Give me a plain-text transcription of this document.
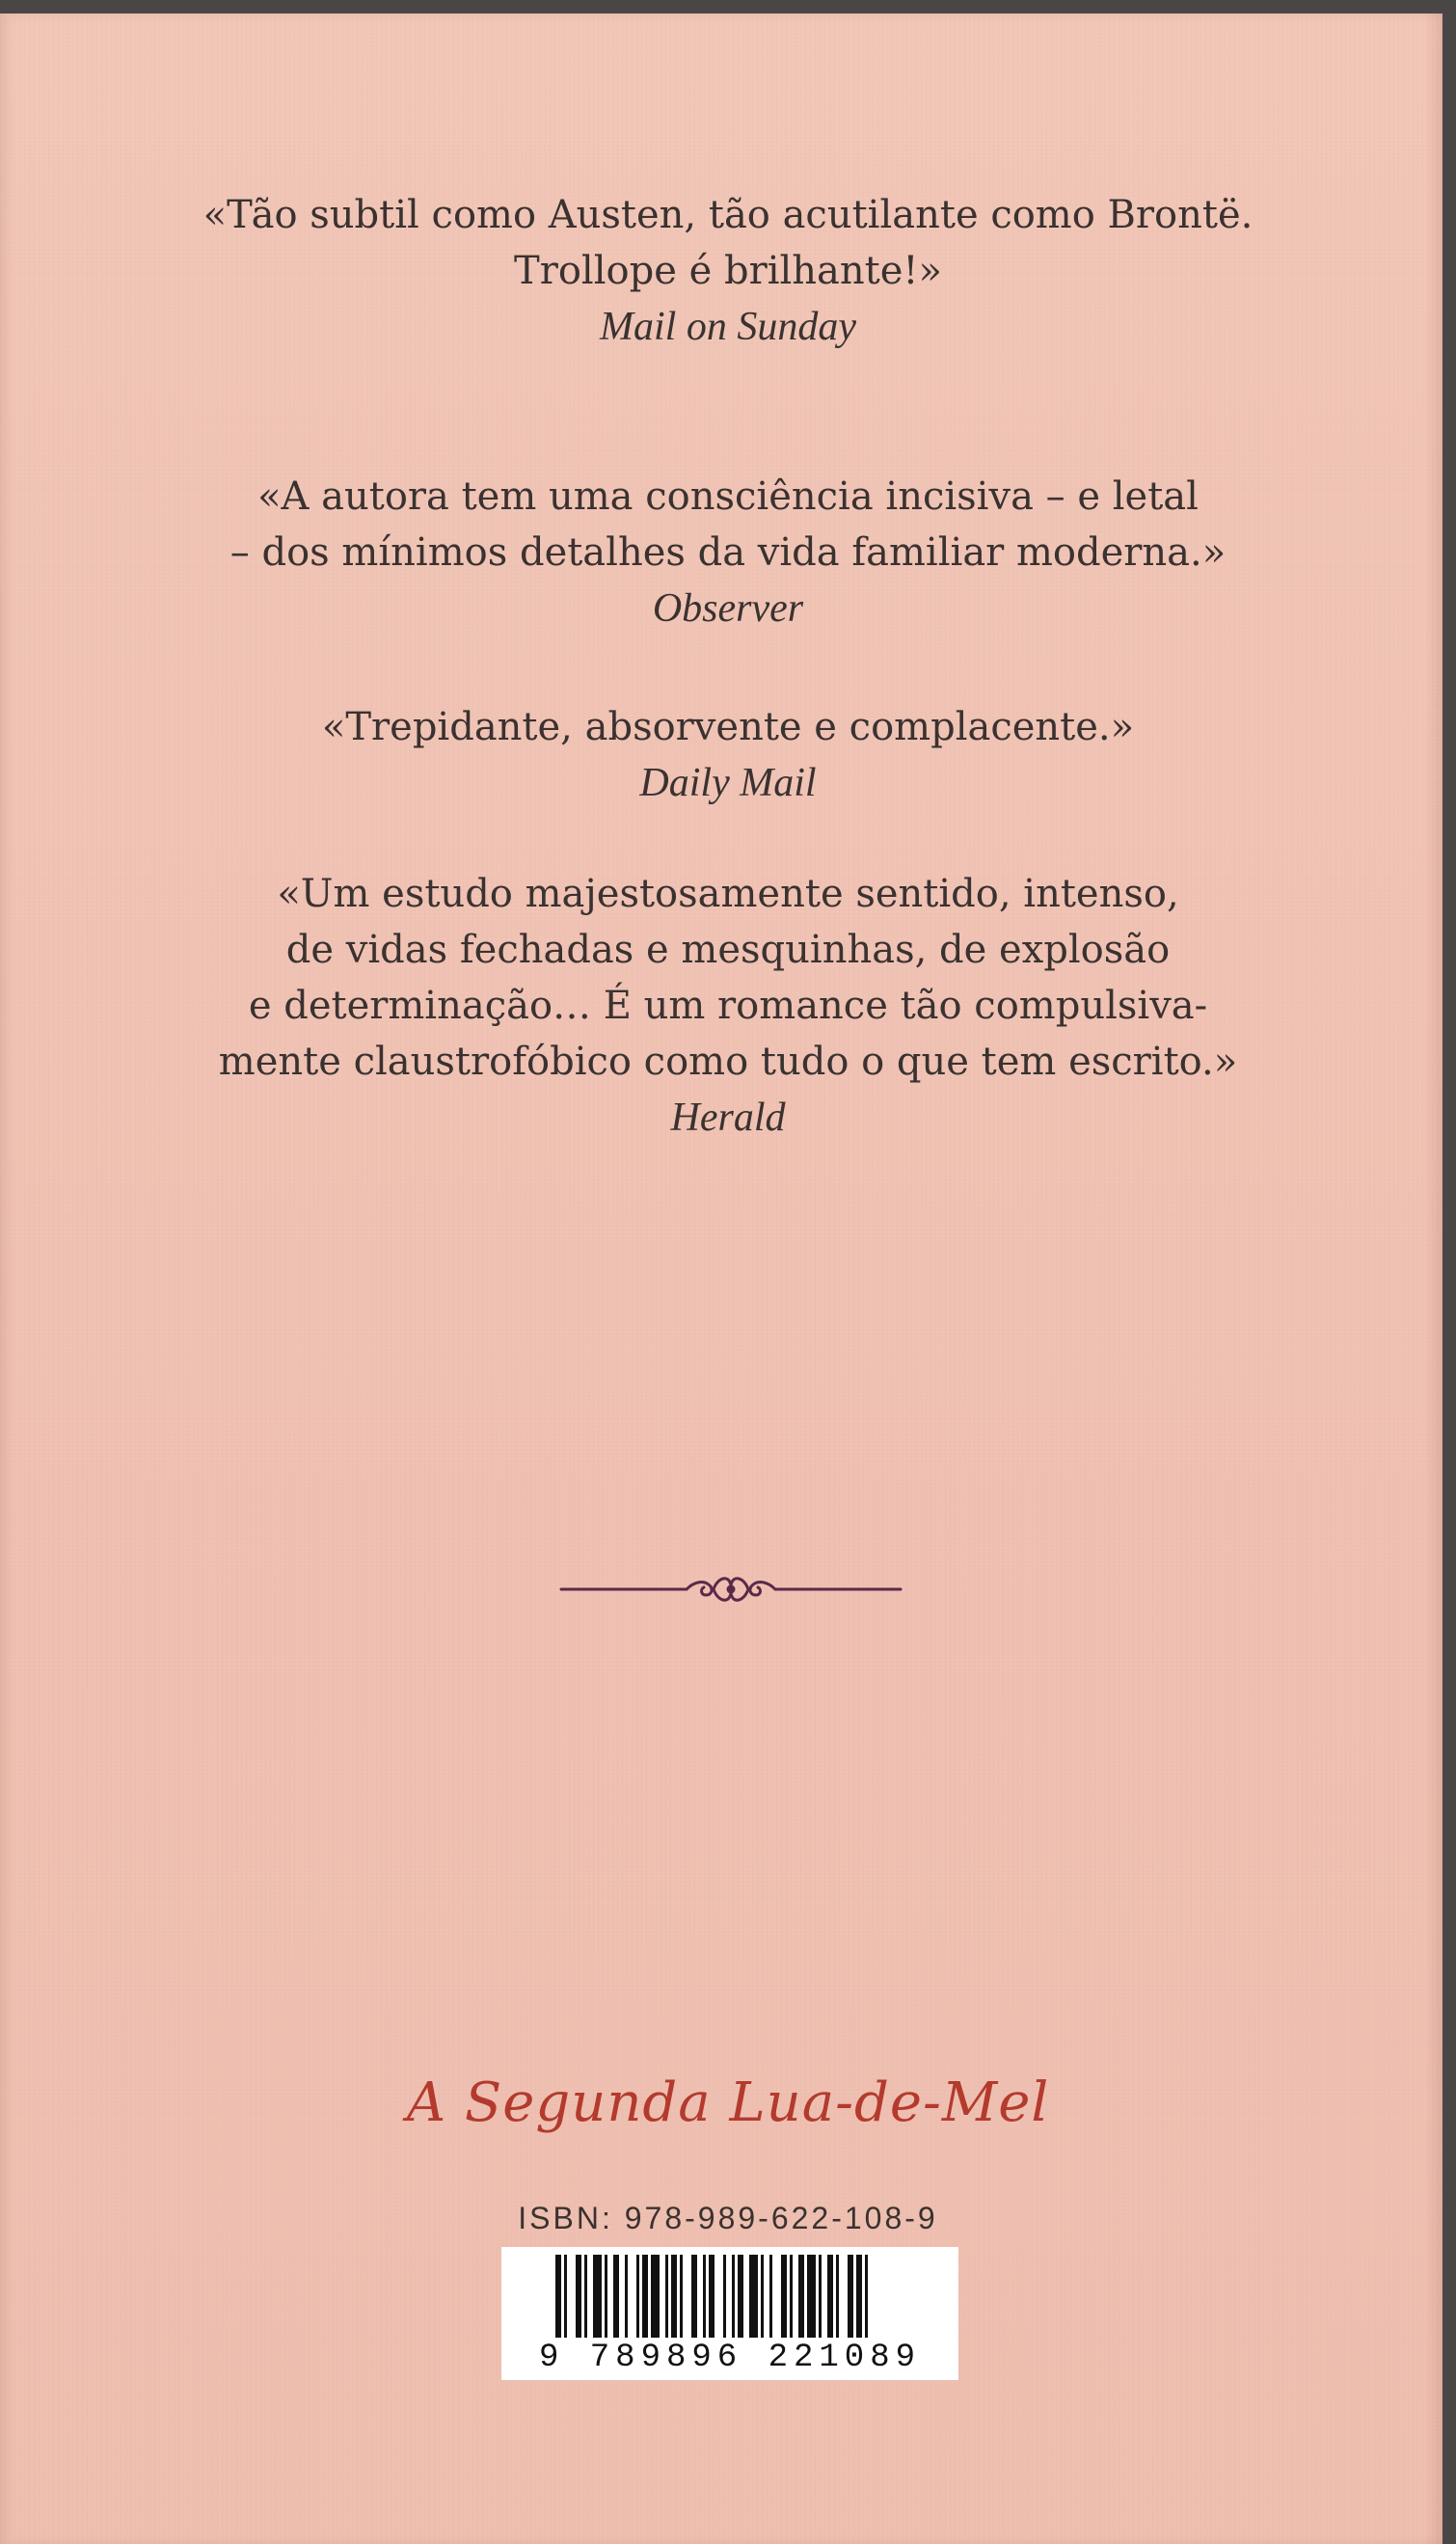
«Tão subtil como Austen, tão acutilante como Brontë.
Trollope é brilhante!»
Mail on Sunday
«A autora tem uma consciência incisiva – e letal
– dos mínimos detalhes da vida familiar moderna.»
Observer
«Trepidante, absorvente e complacente.»
Daily Mail
«Um estudo majestosamente sentido, intenso,
de vidas fechadas e mesquinhas, de explosão
e determinação… É um romance tão compulsiva-
mente claustrofóbico como tudo o que tem escrito.»
Herald
A Segunda Lua-de-Mel
ISBN: 978-989-622-108-9
9 789896 221089
